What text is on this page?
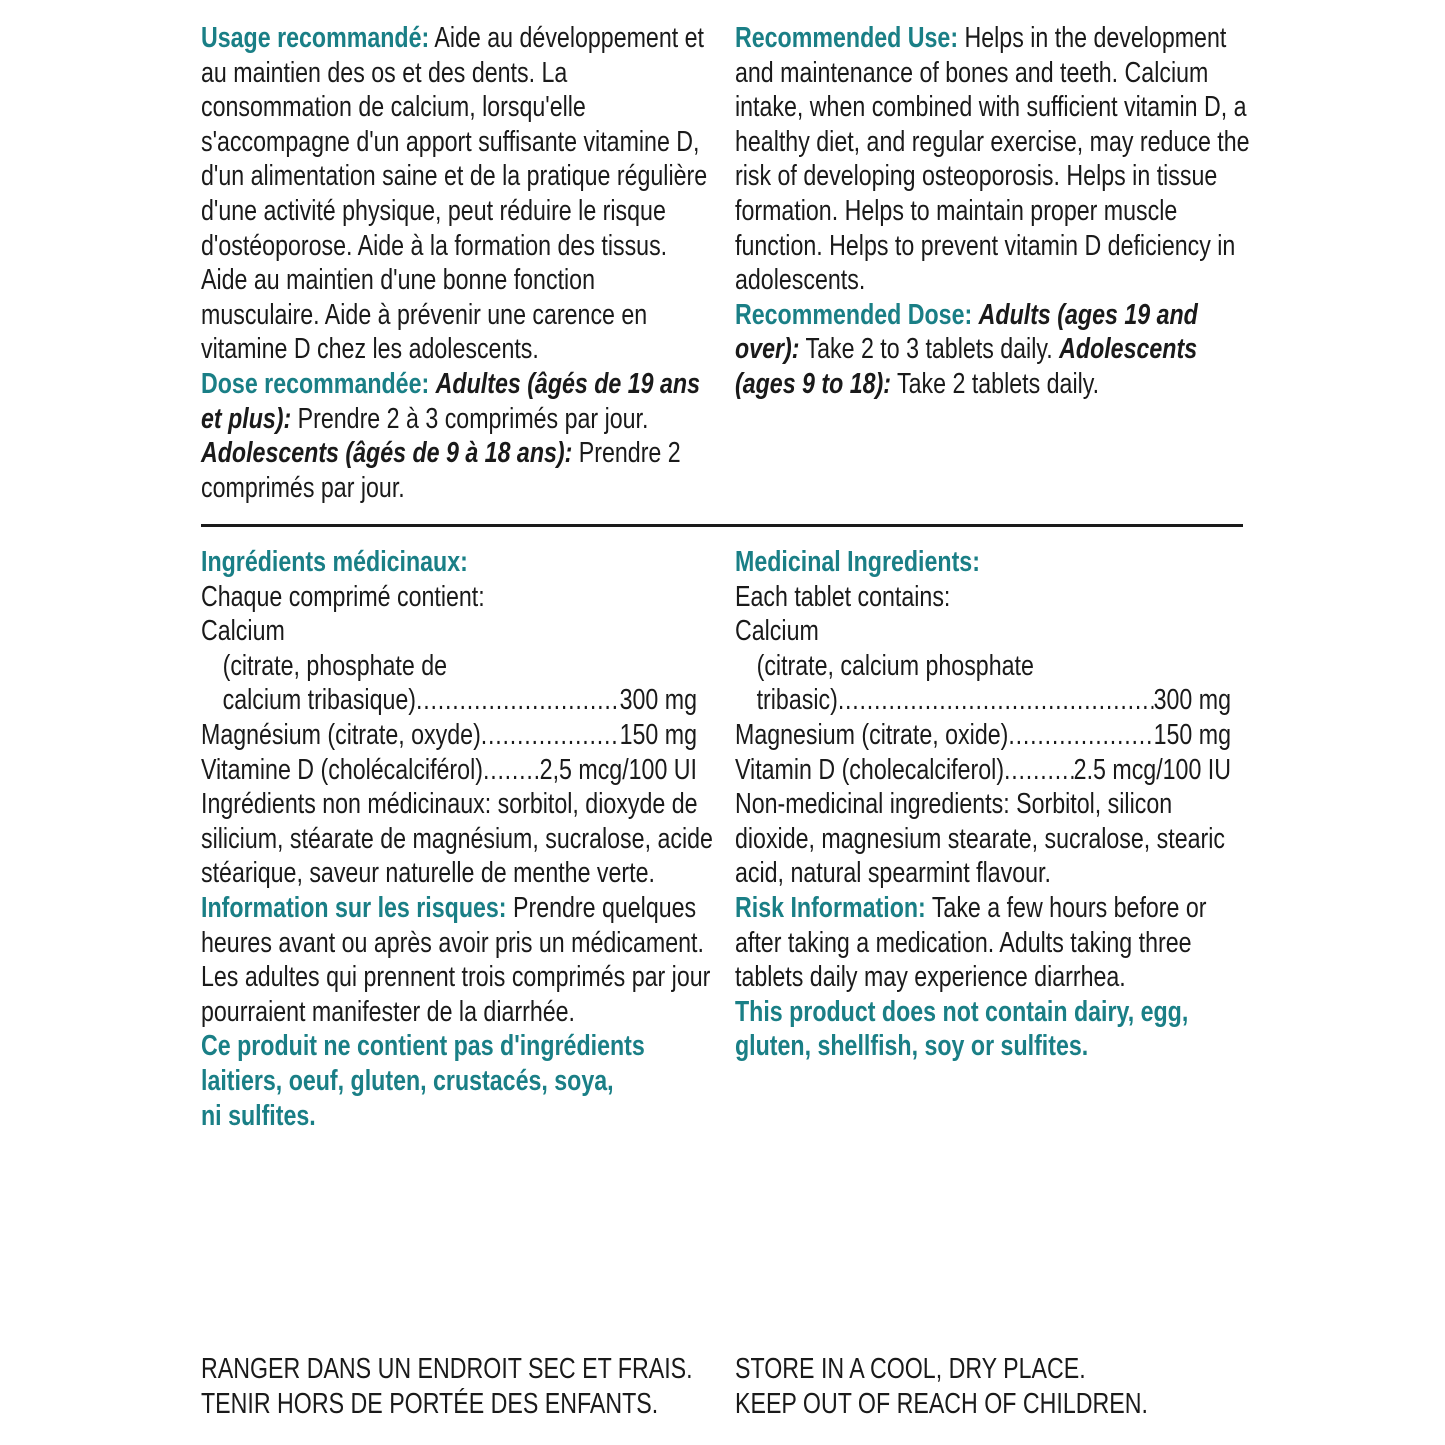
Usage recommandé: Aide au développement et au maintien des os et des dents. La consommation de calcium, lorsqu'elle s'accompagne d'un apport suffisante vitamine D, d'un alimentation saine et de la pratique régulière d'une activité physique, peut réduire le risque d'ostéoporose. Aide à la formation des tissus. Aide au maintien d'une bonne fonction musculaire. Aide à prévenir une carence en vitamine D chez les adolescents.

Dose recommandée: Adultes (âgés de 19 ans et plus): Prendre 2 à 3 comprimés par jour. Adolescents (âgés de 9 à 18 ans): Prendre 2 comprimés par jour.

Recommended Use: Helps in the development and maintenance of bones and teeth. Calcium intake, when combined with sufficient vitamin D, a healthy diet, and regular exercise, may reduce the risk of developing osteoporosis. Helps in tissue formation. Helps to maintain proper muscle function. Helps to prevent vitamin D deficiency in adolescents.

Recommended Dose: Adults (ages 19 and over): Take 2 to 3 tablets daily. Adolescents (ages 9 to 18): Take 2 tablets daily.

Ingrédients médicinaux:

Chaque comprimé contient:

Calcium

(citrate, phosphate de

calcium tribasique) .....	300 mg
Magnésium (citrate, oxyde) .....	150 mg
Vitamine D (cholécalciférol) ..... 2,5 mcg/100 UI

Ingrédients non médicinaux: sorbitol, dioxyde de silicium, stéarate de magnésium, sucralose, acide stéarique, saveur naturelle de menthe verte.

Information sur les risques: Prendre quelques heures avant ou après avoir pris un médicament. Les adultes qui prennent trois comprimés par jour pourraient manifester de la diarrhée.

Ce produit ne contient pas d'ingrédients

laitiers, oeuf, gluten, crustacés, soya,

ni sulfites.

Medicinal Ingredients:

Each tablet contains:

Calcium

(citrate, calcium phosphate

tribasic) .....	300 mg
Magnesium (citrate, oxide) .....	150 mg
Vitamin D (cholecalciferol) ..... 2.5 mcg/100 IU

Non-medicinal ingredients: Sorbitol, silicon dioxide, magnesium stearate, sucralose, stearic acid, natural spearmint flavour.

Risk Information: Take a few hours before or after taking a medication. Adults taking three tablets daily may experience diarrhea.

This product does not contain dairy, egg,

gluten, shellfish, soy or sulfites.

RANGER DANS UN ENDROIT SEC ET FRAIS.

TENIR HORS DE PORTÉE DES ENFANTS.

STORE IN A COOL, DRY PLACE.

KEEP OUT OF REACH OF CHILDREN.
